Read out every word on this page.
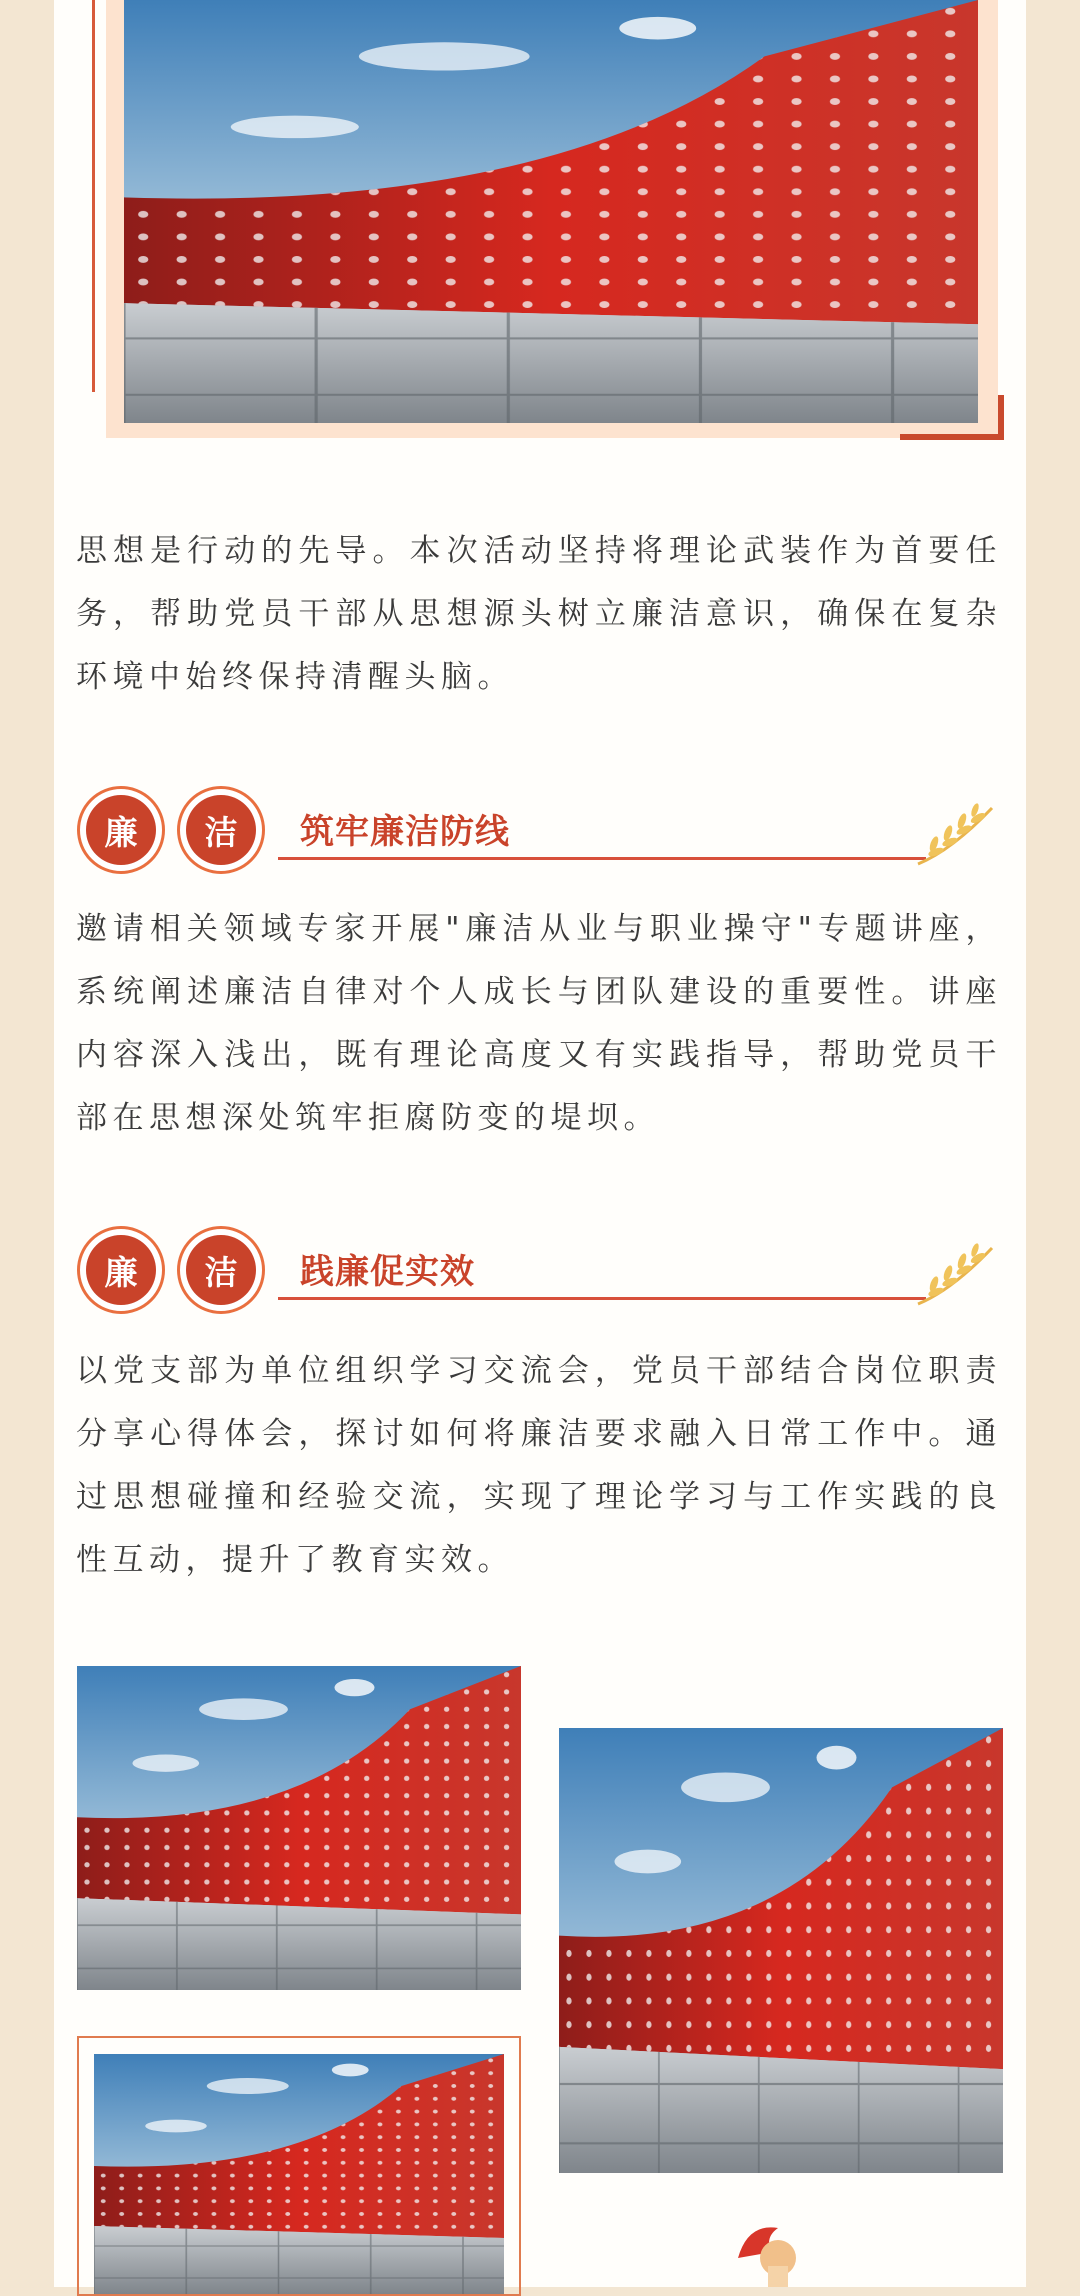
思想是行动的先导。本次活动坚持将理论武装作为首要任务，帮助党员干部从思想源头树立廉洁意识，确保在复杂环境中始终保持清醒头脑。

廉	洁	筑牢廉洁防线

邀请相关领域专家开展"廉洁从业与职业操守"专题讲座，系统阐述廉洁自律对个人成长与团队建设的重要性。讲座内容深入浅出，既有理论高度又有实践指导，帮助党员干部在思想深处筑牢拒腐防变的堤坝。

廉	洁	践廉促实效

以党支部为单位组织学习交流会，党员干部结合岗位职责分享心得体会，探讨如何将廉洁要求融入日常工作中。通过思想碰撞和经验交流，实现了理论学习与工作实践的良性互动，提升了教育实效。
